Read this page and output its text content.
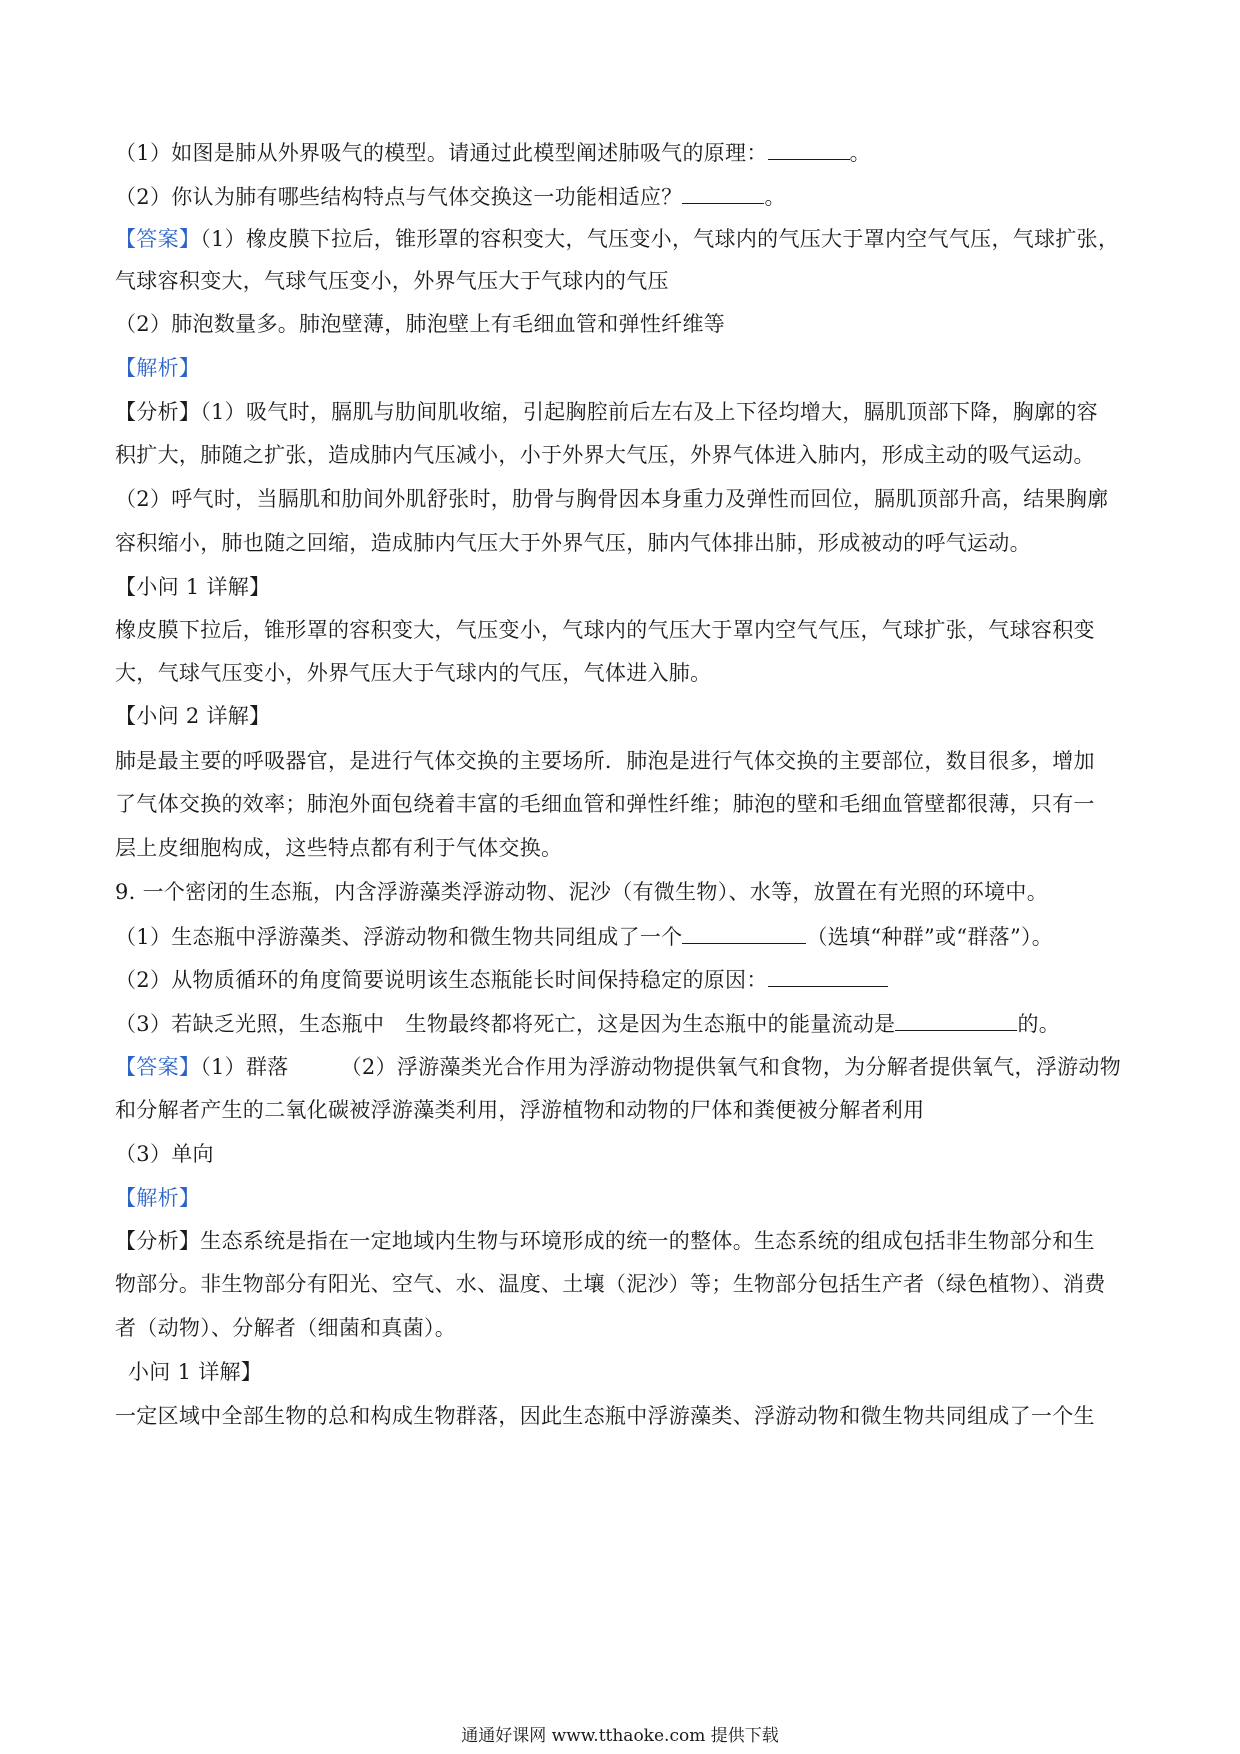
（1）如图是肺从外界吸气的模型。请通过此模型阐述肺吸气的原理：	。
（2）你认为肺有哪些结构特点与气体交换这一功能相适应？	。
【答案】（1）橡皮膜下拉后，锥形罩的容积变大，气压变小，气球内的气压大于罩内空气气压，气球扩张，
气球容积变大，气球气压变小，外界气压大于气球内的气压
（2）肺泡数量多。肺泡壁薄，肺泡壁上有毛细血管和弹性纤维等
【解析】
【分析】（1）吸气时，膈肌与肋间肌收缩，引起胸腔前后左右及上下径均增大，膈肌顶部下降，胸廓的容
积扩大，肺随之扩张，造成肺内气压减小，小于外界大气压，外界气体进入肺内，形成主动的吸气运动。
（2）呼气时，当膈肌和肋间外肌舒张时，肋骨与胸骨因本身重力及弹性而回位，膈肌顶部升高，结果胸廓
容积缩小，肺也随之回缩，造成肺内气压大于外界气压，肺内气体排出肺，形成被动的呼气运动。
【小问 1 详解】
橡皮膜下拉后，锥形罩的容积变大，气压变小，气球内的气压大于罩内空气气压，气球扩张，气球容积变
大，气球气压变小，外界气压大于气球内的气压，气体进入肺。
【小问 2 详解】
肺是最主要的呼吸器官，是进行气体交换的主要场所．肺泡是进行气体交换的主要部位，数目很多，增加
了气体交换的效率；肺泡外面包绕着丰富的毛细血管和弹性纤维；肺泡的壁和毛细血管壁都很薄，只有一
层上皮细胞构成，这些特点都有利于气体交换。
9. 一个密闭的生态瓶，内含浮游藻类浮游动物、泥沙（有微生物）、水等，放置在有光照的环境中。
（1）生态瓶中浮游藻类、浮游动物和微生物共同组成了一个	（选填“种群”或“群落”）。
（2）从物质循环的角度简要说明该生态瓶能长时间保持稳定的原因：
（3）若缺乏光照，生态瓶中　生物最终都将死亡，这是因为生态瓶中的能量流动是	的。
【答案】（1）群落 （2）浮游藻类光合作用为浮游动物提供氧气和食物，为分解者提供氧气，浮游动物
和分解者产生的二氧化碳被浮游藻类利用，浮游植物和动物的尸体和粪便被分解者利用
（3）单向
【解析】
【分析】生态系统是指在一定地域内生物与环境形成的统一的整体。生态系统的组成包括非生物部分和生
物部分。非生物部分有阳光、空气、水、温度、土壤（泥沙）等；生物部分包括生产者（绿色植物）、消费
者（动物）、分解者（细菌和真菌）。
小问 1 详解】
一定区域中全部生物的总和构成生物群落，因此生态瓶中浮游藻类、浮游动物和微生物共同组成了一个生
通通好课网 www.tthaoke.com 提供下载
